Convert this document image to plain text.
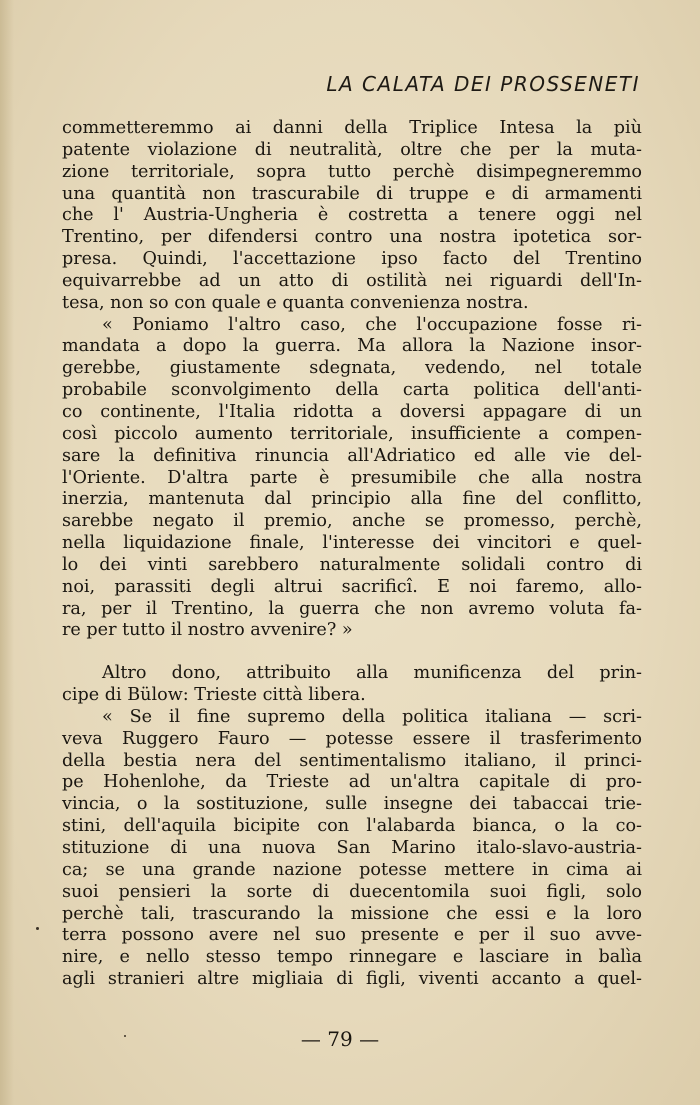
LA CALATA DEI PROSSENETI
commetteremmo ai danni della Triplice Intesa la più
patente violazione di neutralità, oltre che per la muta-
zione territoriale, sopra tutto perchè disimpegneremmo
una quantità non trascurabile di truppe e di armamenti
che l' Austria-Ungheria è costretta a tenere oggi nel
Trentino, per difendersi contro una nostra ipotetica sor-
presa. Quindi, l'accettazione ipso facto del Trentino
equivarrebbe ad un atto di ostilità nei riguardi dell'In-
tesa, non so con quale e quanta convenienza nostra.
« Poniamo l'altro caso, che l'occupazione fosse ri-
mandata a dopo la guerra. Ma allora la Nazione insor-
gerebbe, giustamente sdegnata, vedendo, nel totale
probabile sconvolgimento della carta politica dell'anti-
co continente, l'Italia ridotta a doversi appagare di un
così piccolo aumento territoriale, insufficiente a compen-
sare la definitiva rinuncia all'Adriatico ed alle vie del-
l'Oriente. D'altra parte è presumibile che alla nostra
inerzia, mantenuta dal principio alla fine del conflitto,
sarebbe negato il premio, anche se promesso, perchè,
nella liquidazione finale, l'interesse dei vincitori e quel-
lo dei vinti sarebbero naturalmente solidali contro di
noi, parassiti degli altrui sacrificî. E noi faremo, allo-
ra, per il Trentino, la guerra che non avremo voluta fa-
re per tutto il nostro avvenire? »
Altro dono, attribuito alla munificenza del prin-
cipe di Bülow: Trieste città libera.
« Se il fine supremo della politica italiana — scri-
veva Ruggero Fauro — potesse essere il trasferimento
della bestia nera del sentimentalismo italiano, il princi-
pe Hohenlohe, da Trieste ad un'altra capitale di pro-
vincia, o la sostituzione, sulle insegne dei tabaccai trie-
stini, dell'aquila bicipite con l'alabarda bianca, o la co-
stituzione di una nuova San Marino italo-slavo-austria-
ca; se una grande nazione potesse mettere in cima ai
suoi pensieri la sorte di duecentomila suoi figli, solo
perchè tali, trascurando la missione che essi e la loro
terra possono avere nel suo presente e per il suo avve-
nire, e nello stesso tempo rinnegare e lasciare in balìa
agli stranieri altre migliaia di figli, viventi accanto a quel-
— 79 —
